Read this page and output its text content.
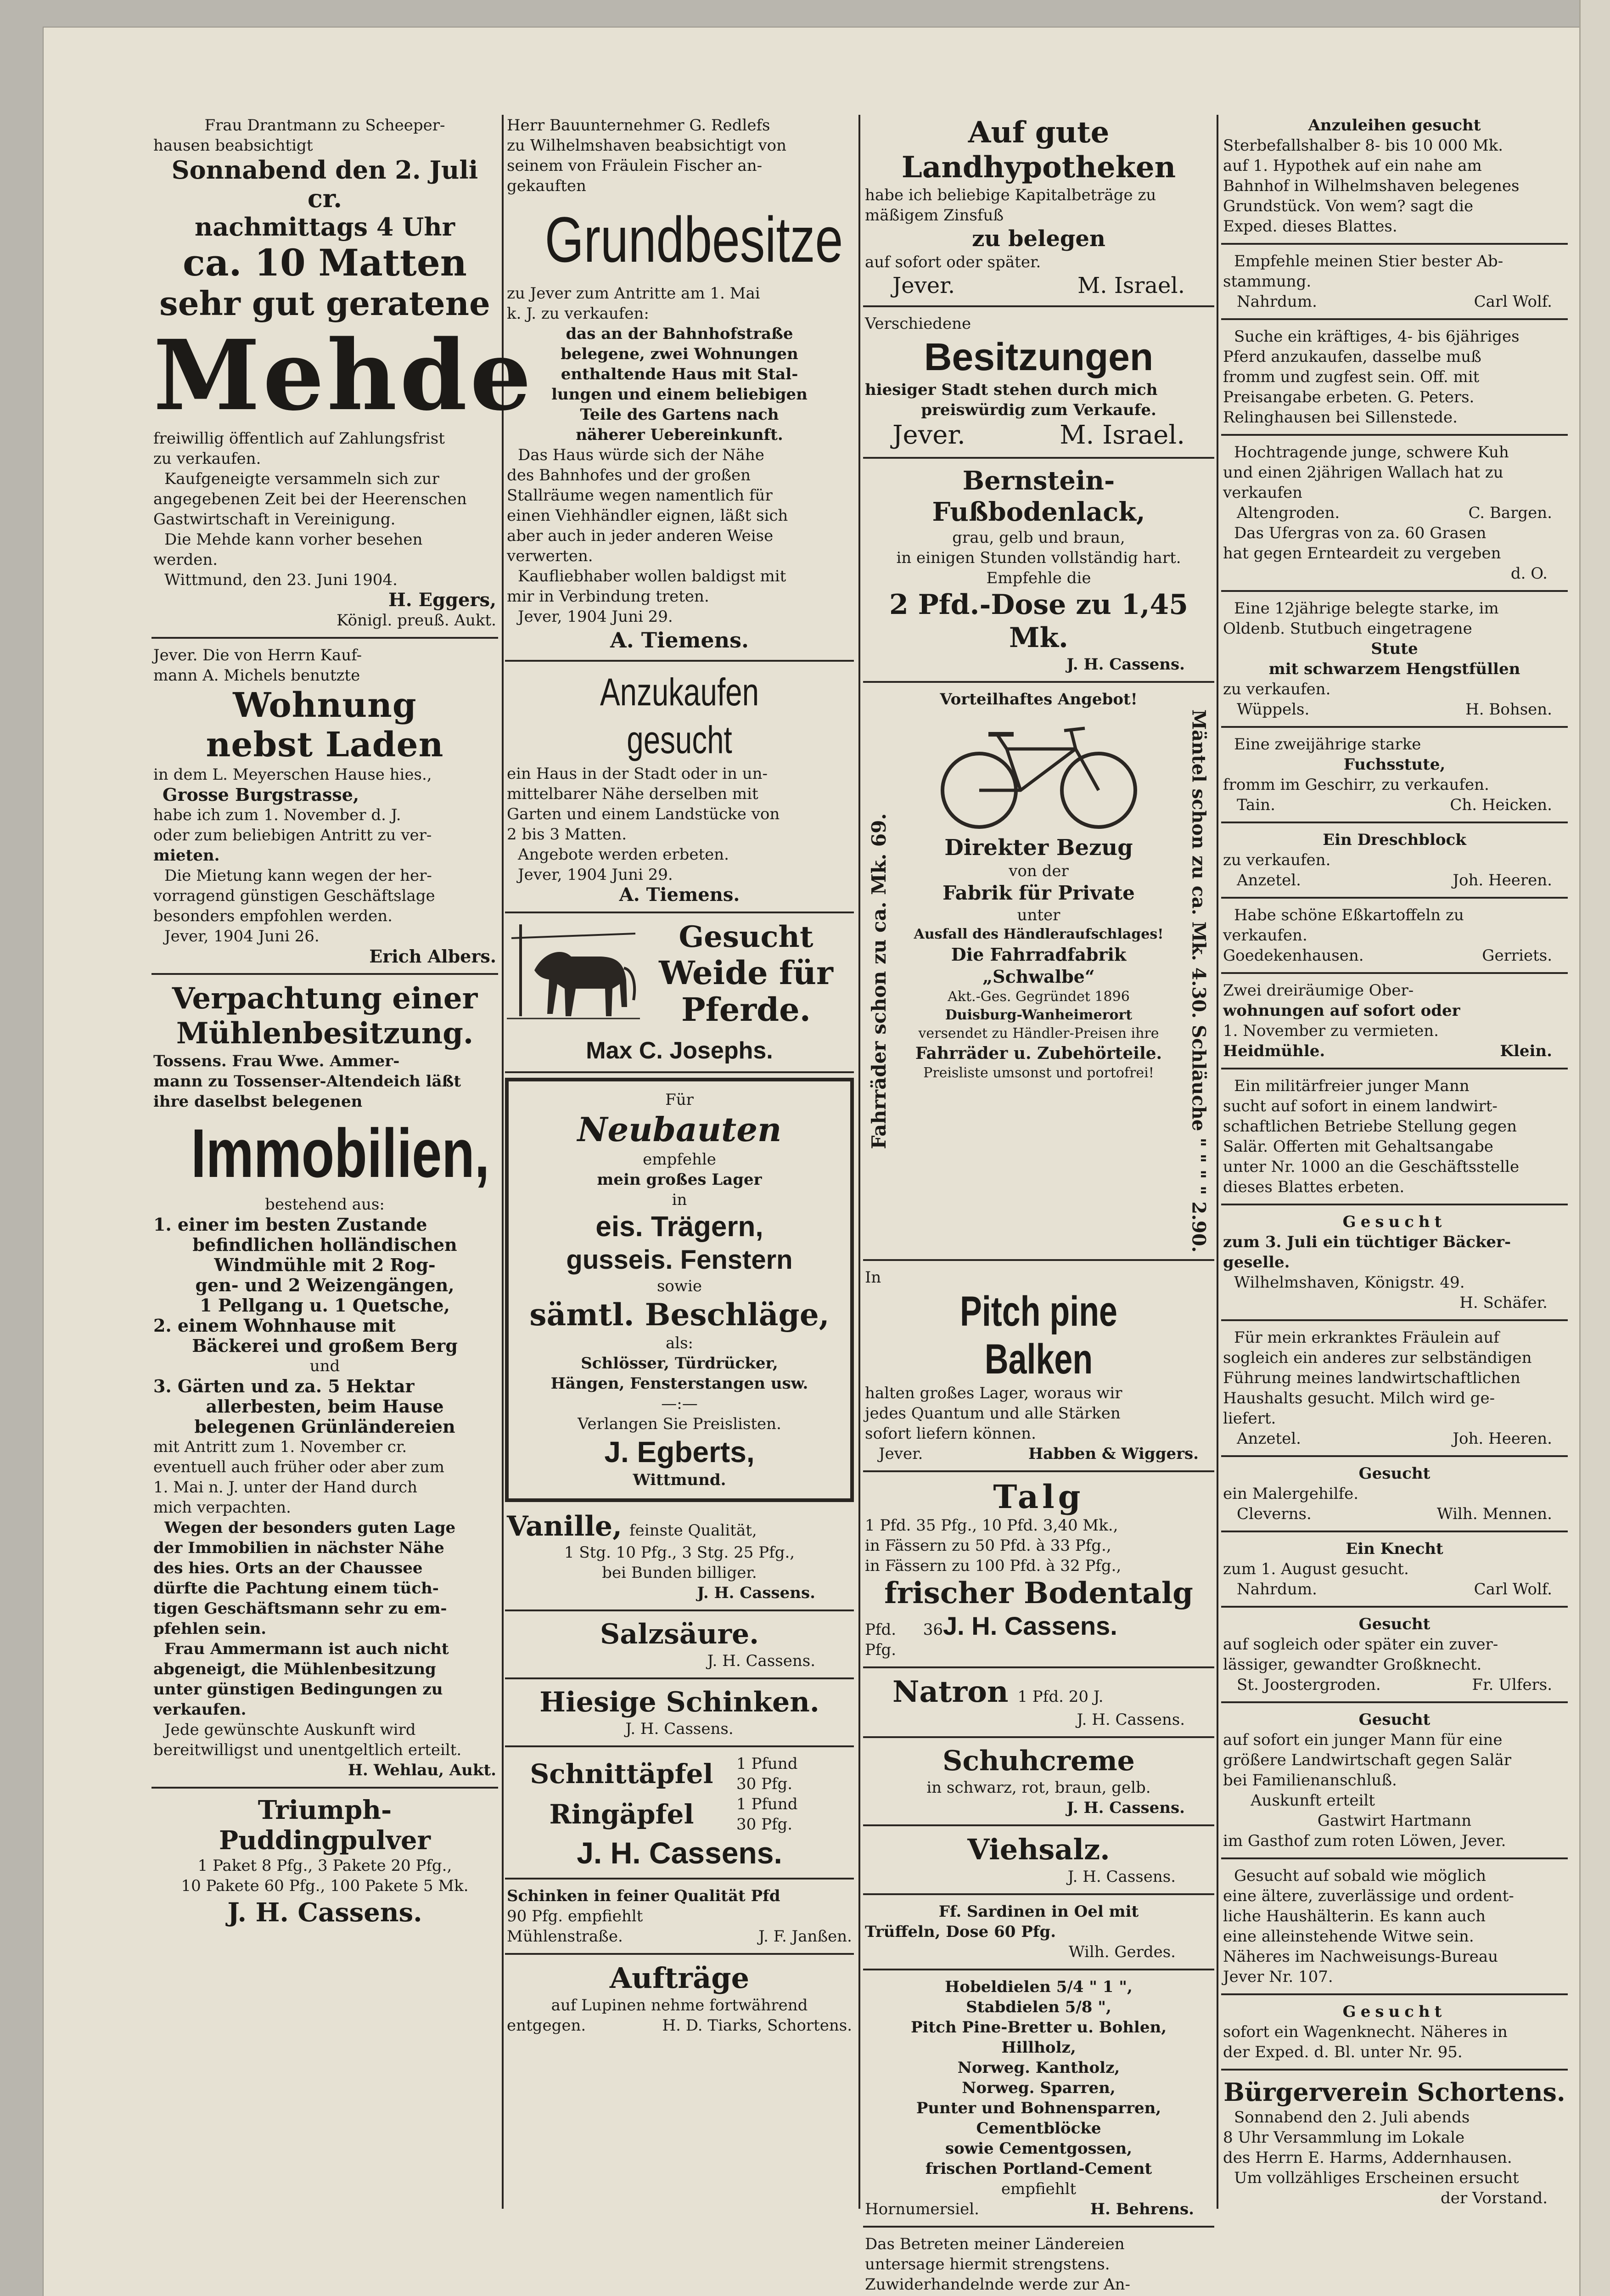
Frau Drantmann zu Scheeper-

hausen beabsichtigt

Sonnabend den 2. Juli cr.

nachmittags 4 Uhr

ca. 10 Matten

sehr gut geratene

Mehde

freiwillig öffentlich auf Zahlungsfrist

zu verkaufen.

Kaufgeneigte versammeln sich zur

angegebenen Zeit bei der Heerenschen

Gastwirtschaft in Vereinigung.

Die Mehde kann vorher besehen

werden.

Wittmund, den 23. Juni 1904.

H. Eggers,

Königl. preuß. Aukt.

Jever. Die von Herrn Kauf-

mann A. Michels benutzte

Wohnung

nebst Laden

in dem L. Meyerschen Hause hies.,

Grosse Burgstrasse,

habe ich zum 1. November d. J.

oder zum beliebigen Antritt zu ver-

mieten.

Die Mietung kann wegen der her-

vorragend günstigen Geschäftslage

besonders empfohlen werden.

Jever, 1904 Juni 26.

Erich Albers.

Verpachtung einer

Mühlenbesitzung.

Tossens. Frau Wwe. Ammer-

mann zu Tossenser-Altendeich läßt

ihre daselbst belegenen

Immobilien,

bestehend aus:

1. einer im besten Zustande

befindlichen holländischen

Windmühle mit 2 Rog-

gen- und 2 Weizengängen,

1 Pellgang u. 1 Quetsche,

2. einem Wohnhause mit

Bäckerei und großem Berg

und

3. Gärten und za. 5 Hektar

allerbesten, beim Hause

belegenen Grünländereien

mit Antritt zum 1. November cr.

eventuell auch früher oder aber zum

1. Mai n. J. unter der Hand durch

mich verpachten.

Wegen der besonders guten Lage

der Immobilien in nächster Nähe

des hies. Orts an der Chaussee

dürfte die Pachtung einem tüch-

tigen Geschäftsmann sehr zu em-

pfehlen sein.

Frau Ammermann ist auch nicht

abgeneigt, die Mühlenbesitzung

unter günstigen Bedingungen zu

verkaufen.

Jede gewünschte Auskunft wird

bereitwilligst und unentgeltlich erteilt.

H. Wehlau, Aukt.

Triumph-Puddingpulver

1 Paket 8 Pfg., 3 Pakete 20 Pfg.,

10 Pakete 60 Pfg., 100 Pakete 5 Mk.

J. H. Cassens.

Herr Bauunternehmer G. Redlefs

zu Wilhelmshaven beabsichtigt von

seinem von Fräulein Fischer an-

gekauften

Grundbesitze

zu Jever zum Antritte am 1. Mai

k. J. zu verkaufen:

das an der Bahnhofstraße

belegene, zwei Wohnungen

enthaltende Haus mit Stal-

lungen und einem beliebigen

Teile des Gartens nach

näherer Uebereinkunft.

Das Haus würde sich der Nähe

des Bahnhofes und der großen

Stallräume wegen namentlich für

einen Viehhändler eignen, läßt sich

aber auch in jeder anderen Weise

verwerten.

Kaufliebhaber wollen baldigst mit

mir in Verbindung treten.

Jever, 1904 Juni 29.

A. Tiemens.

Anzukaufen gesucht

ein Haus in der Stadt oder in un-

mittelbarer Nähe derselben mit

Garten und einem Landstücke von

2 bis 3 Matten.

Angebote werden erbeten.

Jever, 1904 Juni 29.

A. Tiemens.

Gesucht

Weide für

Pferde.

Max C. Josephs.

Für

Neubauten

empfehle

mein großes Lager

in

eis. Trägern,

gusseis. Fenstern

sowie

sämtl. Beschläge,

als:

Schlösser, Türdrücker,

Hängen, Fensterstangen usw.

—:—

Verlangen Sie Preislisten.

J. Egberts,

Wittmund.

Vanille, feinste Qualität,

1 Stg. 10 Pfg., 3 Stg. 25 Pfg.,

bei Bunden billiger.

J. H. Cassens.

Salzsäure.

J. H. Cassens.

Hiesige Schinken.

J. H. Cassens.

Schnittäpfel	1 Pfund

30 Pfg.

Ringäpfel	1 Pfund

30 Pfg.

J. H. Cassens.

Schinken in feiner Qualität Pfd

90 Pfg. empfiehlt

Mühlenstraße.	J. F. Janßen.

Aufträge

auf Lupinen nehme fortwährend

entgegen.	H. D. Tiarks, Schortens.

Auf gute

Landhypotheken

habe ich beliebige Kapitalbeträge zu

mäßigem Zinsfuß

zu belegen

auf sofort oder später.

Jever.	M. Israel.

Verschiedene

Besitzungen

hiesiger Stadt stehen durch mich

preiswürdig zum Verkaufe.

Jever.	M. Israel.

Bernstein-Fußbodenlack,

grau, gelb und braun,

in einigen Stunden vollständig hart.

Empfehle die

2 Pfd.-Dose zu 1,45 Mk.

J. H. Cassens.

Vorteilhaftes Angebot!

Fahrräder schon zu ca. Mk. 69.	Direkter Bezug

von der

Fabrik für Private

unter

Ausfall des Händleraufschlages!

Die Fahrradfabrik „Schwalbe“

Akt.-Ges. Gegründet 1896

Duisburg-Wanheimerort

versendet zu Händler-Preisen ihre

Fahrräder u. Zubehörteile.

Preisliste umsonst und portofrei!	Mäntel schon zu ca. Mk. 4.30. Schläuche " " " " 2.90.

In

Pitch pine Balken

halten großes Lager, woraus wir

jedes Quantum und alle Stärken

sofort liefern können.

Jever.	Habben & Wiggers.

Talg

1 Pfd. 35 Pfg., 10 Pfd. 3,40 Mk.,

in Fässern zu 50 Pfd. à 33 Pfg.,

in Fässern zu 100 Pfd. à 32 Pfg.,

frischer Bodentalg

Pfd. 36 Pfg.

J. H. Cassens.

Natron 1 Pfd. 20 J.

J. H. Cassens.

Schuhcreme

in schwarz, rot, braun, gelb.

J. H. Cassens.

Viehsalz.

J. H. Cassens.

Ff. Sardinen in Oel mit

Trüffeln, Dose 60 Pfg.

Wilh. Gerdes.

Hobeldielen 5/4 " 1 ",

Stabdielen 5/8 ",

Pitch Pine-Bretter u. Bohlen,

Hillholz,

Norweg. Kantholz,

Norweg. Sparren,

Punter und Bohnensparren,

Cementblöcke

sowie Cementgossen,

frischen Portland-Cement

empfiehlt

Hornumersiel.	H. Behrens.

Das Betreten meiner Ländereien

untersage hiermit strengstens.

Zuwiderhandelnde werde zur An-

Anzuleihen gesucht

Sterbefallshalber 8- bis 10 000 Mk.

auf 1. Hypothek auf ein nahe am

Bahnhof in Wilhelmshaven belegenes

Grundstück. Von wem? sagt die

Exped. dieses Blattes.

Empfehle meinen Stier bester Ab-

stammung.

Nahrdum.	Carl Wolf.

Suche ein kräftiges, 4- bis 6jähriges

Pferd anzukaufen, dasselbe muß

fromm und zugfest sein. Off. mit

Preisangabe erbeten. G. Peters.

Relinghausen bei Sillenstede.

Hochtragende junge, schwere Kuh

und einen 2jährigen Wallach hat zu

verkaufen

Altengroden.	C. Bargen.

Das Ufergras von za. 60 Grasen

hat gegen Ernteardeit zu vergeben

d. O.

Eine 12jährige belegte starke, im

Oldenb. Stutbuch eingetragene

Stute

mit schwarzem Hengstfüllen

zu verkaufen.

Wüppels.	H. Bohsen.

Eine zweijährige starke

Fuchsstute,

fromm im Geschirr, zu verkaufen.

Tain.	Ch. Heicken.

Ein Dreschblock

zu verkaufen.

Anzetel.	Joh. Heeren.

Habe schöne Eßkartoffeln zu

verkaufen.

Goedekenhausen.	Gerriets.

Zwei dreiräumige Ober-

wohnungen auf sofort oder

1. November zu vermieten.

Heidmühle.	Klein.

Ein militärfreier junger Mann

sucht auf sofort in einem landwirt-

schaftlichen Betriebe Stellung gegen

Salär. Offerten mit Gehaltsangabe

unter Nr. 1000 an die Geschäftsstelle

dieses Blattes erbeten.

Gesucht

zum 3. Juli ein tüchtiger Bäcker-

geselle.

Wilhelmshaven, Königstr. 49.

H. Schäfer.

Für mein erkranktes Fräulein auf

sogleich ein anderes zur selbständigen

Führung meines landwirtschaftlichen

Haushalts gesucht. Milch wird ge-

liefert.

Anzetel.	Joh. Heeren.

Gesucht

ein Malergehilfe.

Cleverns.	Wilh. Mennen.

Ein Knecht

zum 1. August gesucht.

Nahrdum.	Carl Wolf.

Gesucht

auf sogleich oder später ein zuver-

lässiger, gewandter Großknecht.

St. Joostergroden.	Fr. Ulfers.

Gesucht

auf sofort ein junger Mann für eine

größere Landwirtschaft gegen Salär

bei Familienanschluß.

Auskunft erteilt

Gastwirt Hartmann

im Gasthof zum roten Löwen, Jever.

Gesucht auf sobald wie möglich

eine ältere, zuverlässige und ordent-

liche Haushälterin. Es kann auch

eine alleinstehende Witwe sein.

Näheres im Nachweisungs-Bureau

Jever Nr. 107.

Gesucht

sofort ein Wagenknecht. Näheres in

der Exped. d. Bl. unter Nr. 95.

Bürgerverein Schortens.

Sonnabend den 2. Juli abends

8 Uhr Versammlung im Lokale

des Herrn E. Harms, Addernhausen.

Um vollzähliges Erscheinen ersucht

der Vorstand.
